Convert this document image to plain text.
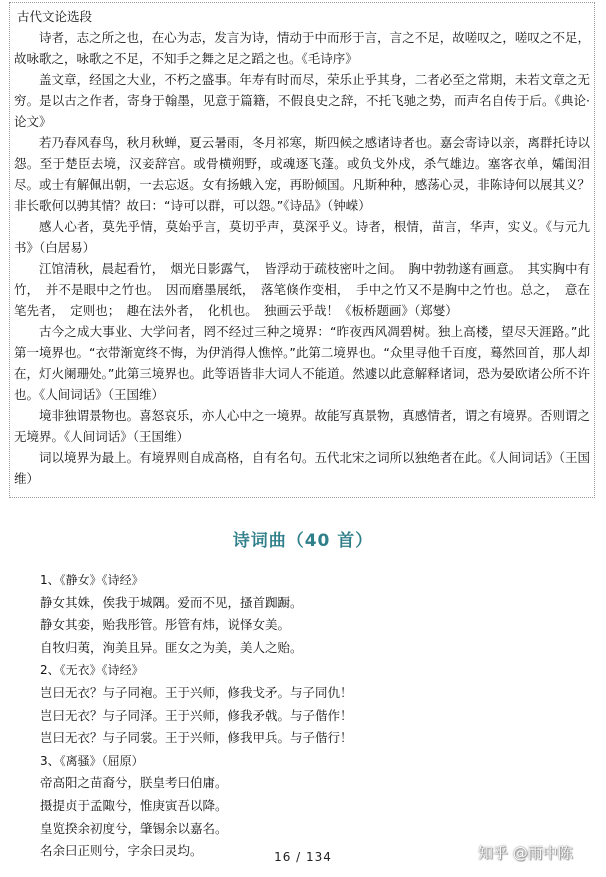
古代文论选段

诗者，志之所之也，在心为志，发言为诗，情动于中而形于言，言之不足，故嗟叹之，嗟叹之不足，故咏歌之，咏歌之不足，不知手之舞之足之蹈之也。《毛诗序》

盖文章，经国之大业，不朽之盛事。年寿有时而尽，荣乐止乎其身，二者必至之常期，未若文章之无穷。是以古之作者，寄身于翰墨，见意于篇籍，不假良史之辞，不托飞驰之势，而声名自传于后。《典论·论文》

若乃春风春鸟，秋月秋蝉，夏云暑雨，冬月祁寒，斯四候之感诸诗者也。嘉会寄诗以亲，离群托诗以怨。至于楚臣去境，汉妾辞宫。或骨横朔野，或魂逐飞蓬。或负戈外戍，杀气雄边。塞客衣单，孀闺泪尽。或士有解佩出朝，一去忘返。女有扬蛾入宠，再盼倾国。凡斯种种，感荡心灵，非陈诗何以展其义？非长歌何以骋其情？故曰：“诗可以群，可以怨。”《诗品》（钟嵘）

感人心者，莫先乎情，莫始乎言，莫切乎声，莫深乎义。诗者，根情，苗言，华声，实义。《与元九书》（白居易）

江馆清秋，晨起看竹，　烟光日影露气，　皆浮动于疏枝密叶之间。　胸中勃勃遂有画意。　其实胸中有竹，　并不是眼中之竹也。　因而磨墨展纸，　落笔倏作变相，　手中之竹又不是胸中之竹也。总之，　意在笔先者，　定则也；　趣在法外者，　化机也。　独画云乎哉！《板桥题画》（郑燮）

古今之成大事业、大学问者，罔不经过三种之境界：“昨夜西风凋碧树。独上高楼，望尽天涯路。”此第一境界也。“衣带渐宽终不悔，为伊消得人憔悴。”此第二境界也。“众里寻他千百度，蓦然回首，那人却在，灯火阑珊处。”此第三境界也。此等语皆非大词人不能道。然遽以此意解释诸词，恐为晏欧诸公所不许也。《人间词话》（王国维）

境非独谓景物也。喜怒哀乐，亦人心中之一境界。故能写真景物，真感情者，谓之有境界。否则谓之无境界。《人间词话》（王国维）

词以境界为最上。有境界则自成高格，自有名句。五代北宋之词所以独绝者在此。《人间词话》（王国维）

诗词曲（40 首）

1、《静女》《诗经》

静女其姝，俟我于城隅。爱而不见，搔首踟蹰。

静女其娈，贻我彤管。彤管有炜，说怿女美。

自牧归荑，洵美且异。匪女之为美，美人之贻。

2、《无衣》《诗经》

岂曰无衣？与子同袍。王于兴师，修我戈矛。与子同仇！

岂曰无衣？与子同泽。王于兴师，修我矛戟。与子偕作！

岂曰无衣？与子同裳。王于兴师，修我甲兵。与子偕行！

3、《离骚》（屈原）

帝高阳之苗裔兮，朕皇考曰伯庸。

摄提贞于孟陬兮，惟庚寅吾以降。

皇览揆余初度兮，肇锡余以嘉名。

名余曰正则兮，字余曰灵均。	16 / 134	知乎 @雨中陈
